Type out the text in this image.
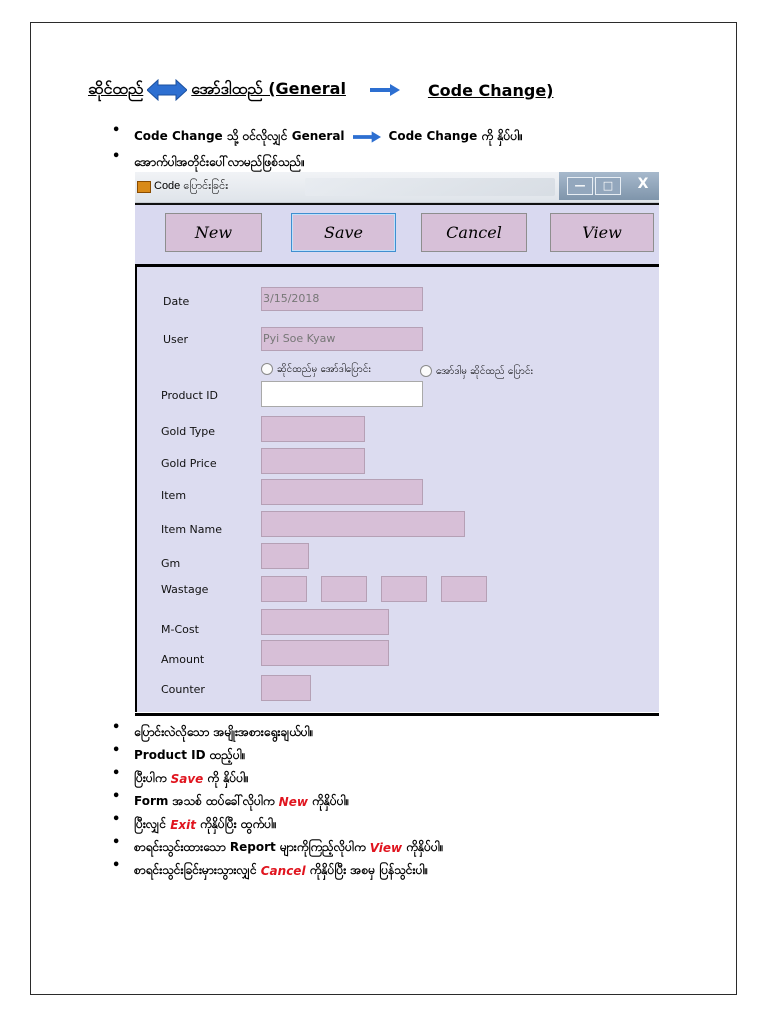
ဆိုင်ထည်	အော်ဒါထည် (General	Code Change)
• Code Change သို့ ဝင်လိုလျှင် General	Code Change ကို နှိပ်ပါ။
• အောက်ပါအတိုင်းပေါ်လာမည်ဖြစ်သည်။
Code ပြောင်းခြင်း	—	□	X
New	Save	Cancel	View
Date	3/15/2018
User	Pyi Soe Kyaw
ဆိုင်ထည်မှ အော်ဒါပြောင်း	အော်ဒါမှ ဆိုင်ထည် ပြောင်း
Product ID
Gold Type
Gold Price
Item
Item Name
Gm
Wastage
M-Cost
Amount
Counter
• ပြောင်းလဲလိုသော အမျိုးအစားရွေးချယ်ပါ။
• Product ID ထည့်ပါ။
• ပြီးပါက Save ကို နှိပ်ပါ။
• Form အသစ် ထပ်ခေါ်လိုပါက New ကိုနှိပ်ပါ။
• ပြီးလျှင် Exit ကိုနှိပ်ပြီး ထွက်ပါ။
• စာရင်းသွင်းထားသော Report များကိုကြည့်လိုပါက View ကိုနှိပ်ပါ။
• စာရင်းသွင်းခြင်းမှားသွားလျှင် Cancel ကိုနှိပ်ပြီး အစမှ ပြန်သွင်းပါ။
